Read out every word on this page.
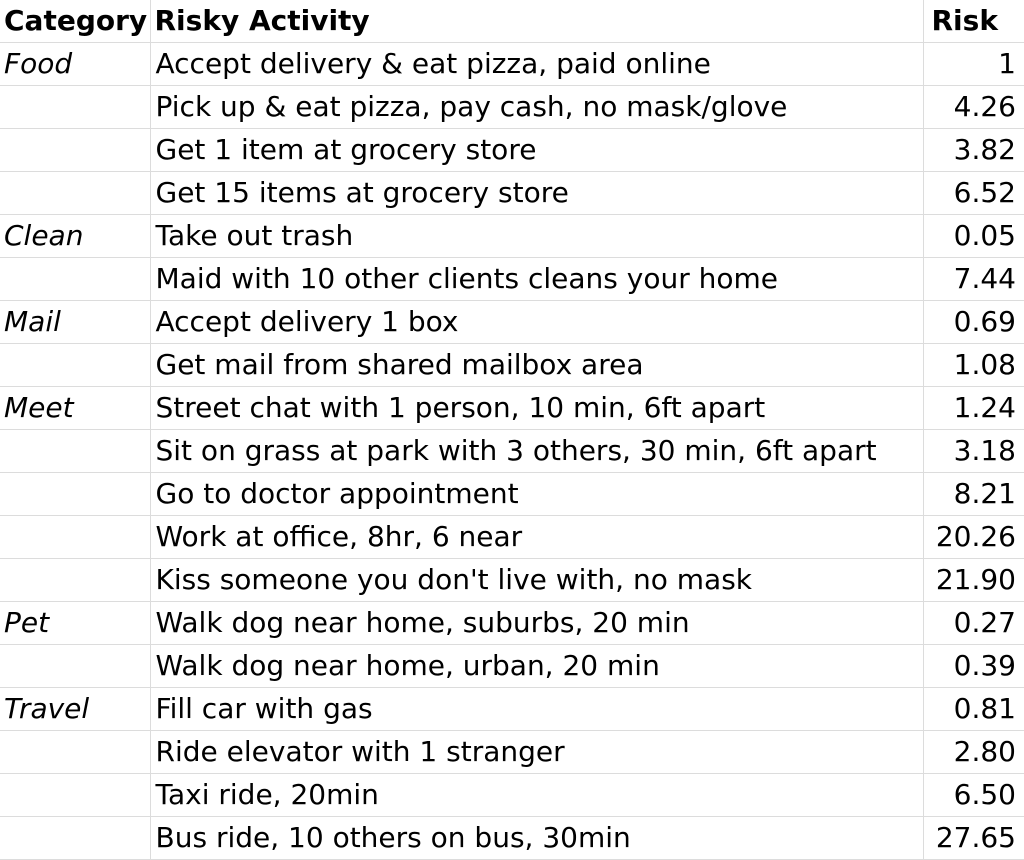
Category	Risky Activity	Risk
Food	Accept delivery & eat pizza, paid online	1
	Pick up & eat pizza, pay cash, no mask/glove	4.26
	Get 1 item at grocery store	3.82
	Get 15 items at grocery store	6.52
Clean	Take out trash	0.05
	Maid with 10 other clients cleans your home	7.44
Mail	Accept delivery 1 box	0.69
	Get mail from shared mailbox area	1.08
Meet	Street chat with 1 person, 10 min, 6ft apart	1.24
	Sit on grass at park with 3 others, 30 min, 6ft apart	3.18
	Go to doctor appointment	8.21
	Work at office, 8hr, 6 near	20.26
	Kiss someone you don't live with, no mask	21.90
Pet	Walk dog near home, suburbs, 20 min	0.27
	Walk dog near home, urban, 20 min	0.39
Travel	Fill car with gas	0.81
	Ride elevator with 1 stranger	2.80
	Taxi ride, 20min	6.50
	Bus ride, 10 others on bus, 30min	27.65
